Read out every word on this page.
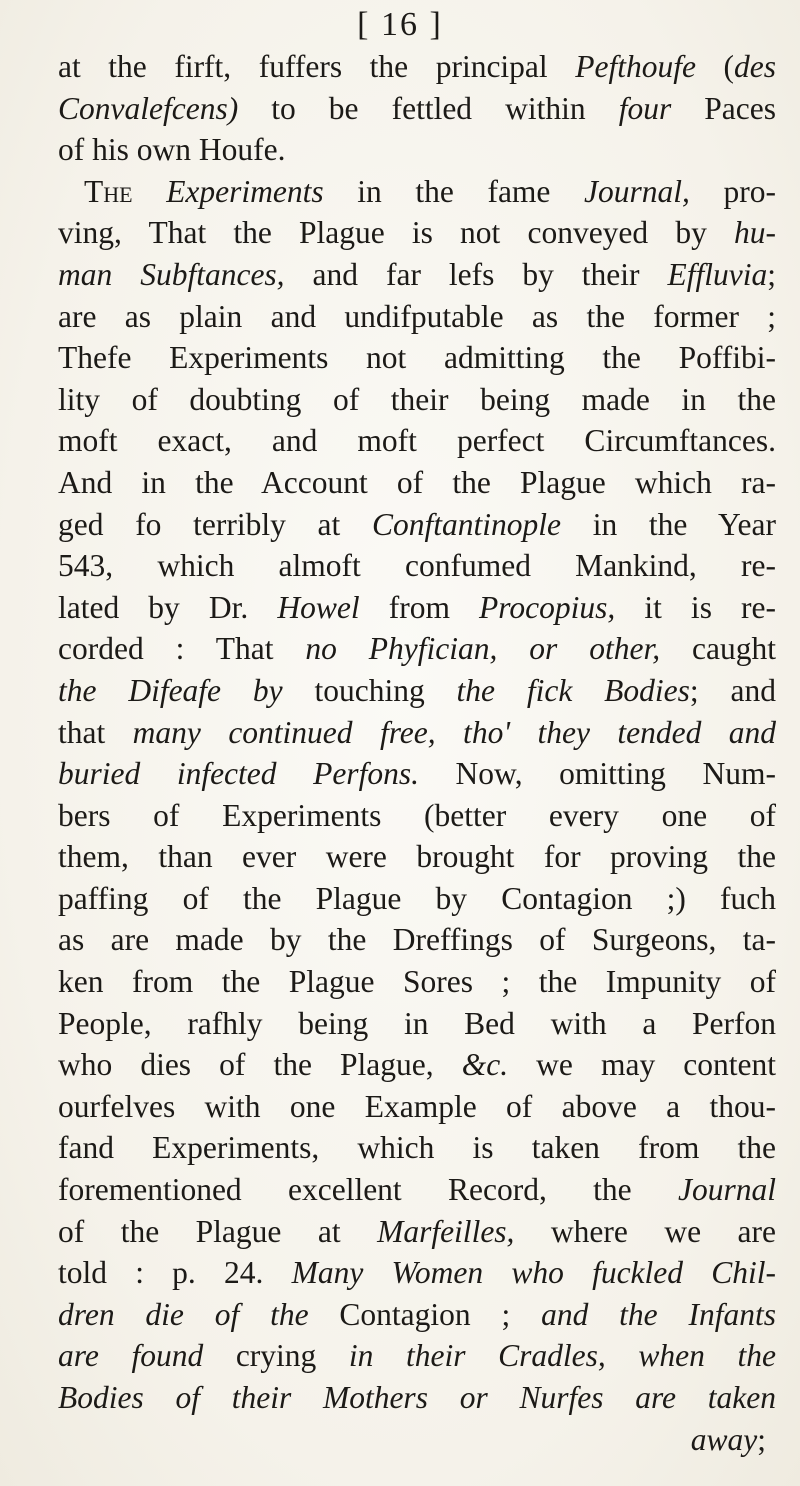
[ 16 ]
at the firft, fuffers the principal Pefthoufe (des
Convalefcens) to be fettled within four Paces
of his own Houfe.
The Experiments in the fame Journal, pro-
ving, That the Plague is not conveyed by hu-
man Subftances, and far lefs by their Effluvia;
are as plain and undifputable as the former ;
Thefe Experiments not admitting the Poffibi-
lity of doubting of their being made in the
moft exact, and moft perfect Circumftances.
And in the Account of the Plague which ra-
ged fo terribly at Conftantinople in the Year
543, which almoft confumed Mankind, re-
lated by Dr. Howel from Procopius, it is re-
corded : That no Phyfician, or other, caught
the Difeafe by touching the fick Bodies; and
that many continued free, tho' they tended and
buried infected Perfons. Now, omitting Num-
bers of Experiments (better every one of
them, than ever were brought for proving the
paffing of the Plague by Contagion ;) fuch
as are made by the Dreffings of Surgeons, ta-
ken from the Plague Sores ; the Impunity of
People, rafhly being in Bed with a Perfon
who dies of the Plague, &c. we may content
ourfelves with one Example of above a thou-
fand Experiments, which is taken from the
forementioned excellent Record, the Journal
of the Plague at Marfeilles, where we are
told : p. 24. Many Women who fuckled Chil-
dren die of the Contagion ; and the Infants
are found crying in their Cradles, when the
Bodies of their Mothers or Nurfes are taken
away;
